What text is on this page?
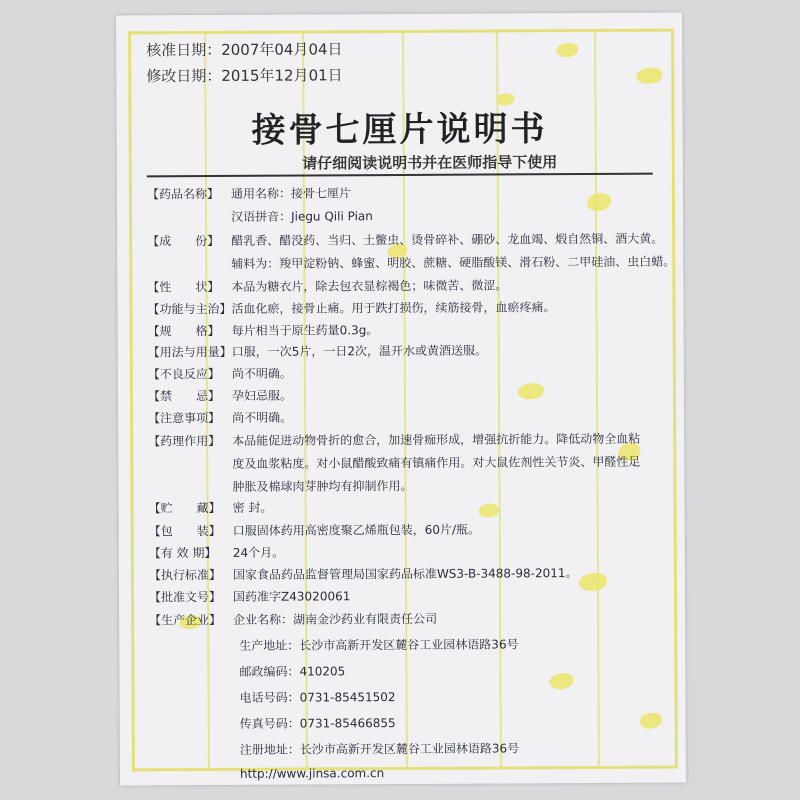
核准日期：2007年04月04日
修改日期：2015年12月01日
接骨七厘片说明书
请仔细阅读说明书并在医师指导下使用
【药品名称】 通用名称：接骨七厘片
汉语拼音：Jiegu Qili Pian
【成　　份】 醋乳香、醋没药、当归、土鳖虫、烫骨碎补、硼砂、龙血竭、煅自然铜、酒大黄。
辅料为：羧甲淀粉钠、蜂蜜、明胶、蔗糖、硬脂酸镁、滑石粉、二甲硅油、虫白蜡。
【性　　状】 本品为糖衣片，除去包衣显棕褐色；味微苦、微涩。
【功能与主治】 活血化瘀，接骨止痛。用于跌打损伤，续筋接骨，血瘀疼痛。
【规　　格】 每片相当于原生药量0.3g。
【用法与用量】 口服，一次5片，一日2次，温开水或黄酒送服。
【不良反应】 尚不明确。
【禁　　忌】 孕妇忌服。
【注意事项】 尚不明确。
【药理作用】 本品能促进动物骨折的愈合，加速骨痂形成，增强抗折能力。降低动物全血粘
度及血浆粘度。对小鼠醋酸致痛有镇痛作用。对大鼠佐剂性关节炎、甲醛性足
肿胀及棉球肉芽肿均有抑制作用。
【贮　　藏】 密 封。
【包　　装】 口服固体药用高密度聚乙烯瓶包装，60片/瓶。
【有 效 期】 24个月。
【执行标准】 国家食品药品监督管理局国家药品标准WS3-B-3488-98-2011。
【批准文号】 国药准字Z43020061
【生产企业】 企业名称：湖南金沙药业有限责任公司
生产地址：长沙市高新开发区麓谷工业园林语路36号
邮政编码：410205
电话号码：0731-85451502
传真号码：0731-85466855
注册地址：长沙市高新开发区麓谷工业园林语路36号
http://www.jinsa.com.cn
